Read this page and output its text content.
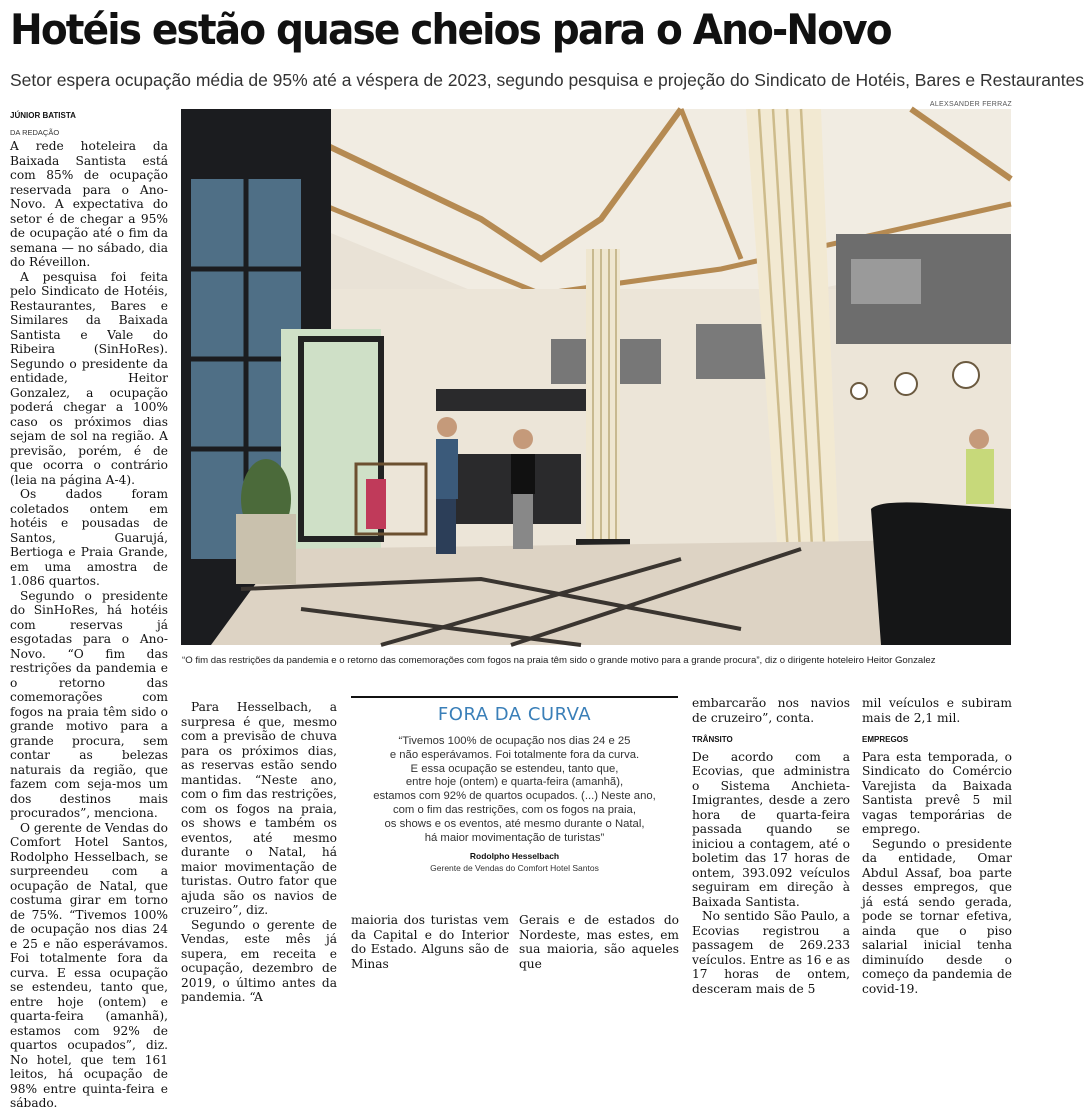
Hotéis estão quase cheios para o Ano-Novo
Setor espera ocupação média de 95% até a véspera de 2023, segundo pesquisa e projeção do Sindicato de Hotéis, Bares e Restaurantes
ALEXSANDER FERRAZ
JÚNIOR BATISTA
DA REDAÇÃO

A rede hoteleira da Baixada Santista está com 85% de ocupação reservada para o Ano-Novo. A expectativa do setor é de chegar a 95% de ocupação até o fim da semana — no sábado, dia do Réveillon.

A pesquisa foi feita pelo Sindicato de Hotéis, Restaurantes, Bares e Similares da Baixada Santista e Vale do Ribeira (SinHoRes). Segundo o presidente da entidade, Heitor Gonzalez, a ocupação poderá chegar a 100% caso os próximos dias sejam de sol na região. A previsão, porém, é de que ocorra o contrário (leia na página A-4).

Os dados foram coletados ontem em hotéis e pousadas de Santos, Guarujá, Bertioga e Praia Grande, em uma amostra de 1.086 quartos.

Segundo o presidente do SinHoRes, há hotéis com reservas já esgotadas para o Ano-Novo. “O fim das restrições da pandemia e o retorno das comemorações com fogos na praia têm sido o grande motivo para a grande procura, sem contar as belezas naturais da região, que fazem com seja-mos um dos destinos mais procurados”, menciona.

O gerente de Vendas do Comfort Hotel Santos, Rodolpho Hesselbach, se surpreendeu com a ocupação de Natal, que costuma girar em torno de 75%. “Tivemos 100% de ocupação nos dias 24 e 25 e não esperávamos. Foi totalmente fora da curva. E essa ocupação se estendeu, tanto que, entre hoje (ontem) e quarta-feira (amanhã), estamos com 92% de quartos ocupados”, diz. No hotel, que tem 161 leitos, há ocupação de 98% entre quinta-feira e sábado.

“O fim das restrições da pandemia e o retorno das comemorações com fogos na praia têm sido o grande motivo para a grande procura”, diz o dirigente hoteleiro Heitor Gonzalez

Para Hesselbach, a surpresa é que, mesmo com a previsão de chuva para os próximos dias, as reservas estão sendo mantidas. “Neste ano, com o fim das restrições, com os fogos na praia, os shows e também os eventos, até mesmo durante o Natal, há maior movimentação de turistas. Outro fator que ajuda são os navios de cruzeiro”, diz.

Segundo o gerente de Vendas, este mês já supera, em receita e ocupação, dezembro de 2019, o último antes da pandemia. “A

FORA DA CURVA
“Tivemos 100% de ocupação nos dias 24 e 25
e não esperávamos. Foi totalmente fora da curva.
E essa ocupação se estendeu, tanto que,
entre hoje (ontem) e quarta-feira (amanhã),
estamos com 92% de quartos ocupados. (...) Neste ano,
com o fim das restrições, com os fogos na praia,
os shows e os eventos, até mesmo durante o Natal,
há maior movimentação de turistas”
Rodolpho Hesselbach
Gerente de Vendas do Comfort Hotel Santos

maioria dos turistas vem da Capital e do Interior do Estado. Alguns são de Minas

Gerais e de estados do Nordeste, mas estes, em sua maioria, são aqueles que

embarcarão nos navios de cruzeiro”, conta.

TRÂNSITO

De acordo com a Ecovias, que administra o Sistema Anchieta-Imigrantes, desde a zero hora de quarta-feira passada quando se iniciou a contagem, até o boletim das 17 horas de ontem, 393.092 veículos seguiram em direção à Baixada Santista.

No sentido São Paulo, a Ecovias registrou a passagem de 269.233 veículos. Entre as 16 e as 17 horas de ontem, desceram mais de 5

mil veículos e subiram mais de 2,1 mil.

EMPREGOS

Para esta temporada, o Sindicato do Comércio Varejista da Baixada Santista prevê 5 mil vagas temporárias de emprego.

Segundo o presidente da entidade, Omar Abdul Assaf, boa parte desses empregos, que já está sendo gerada, pode se tornar efetiva, ainda que o piso salarial inicial tenha diminuído desde o começo da pandemia de covid-19.
